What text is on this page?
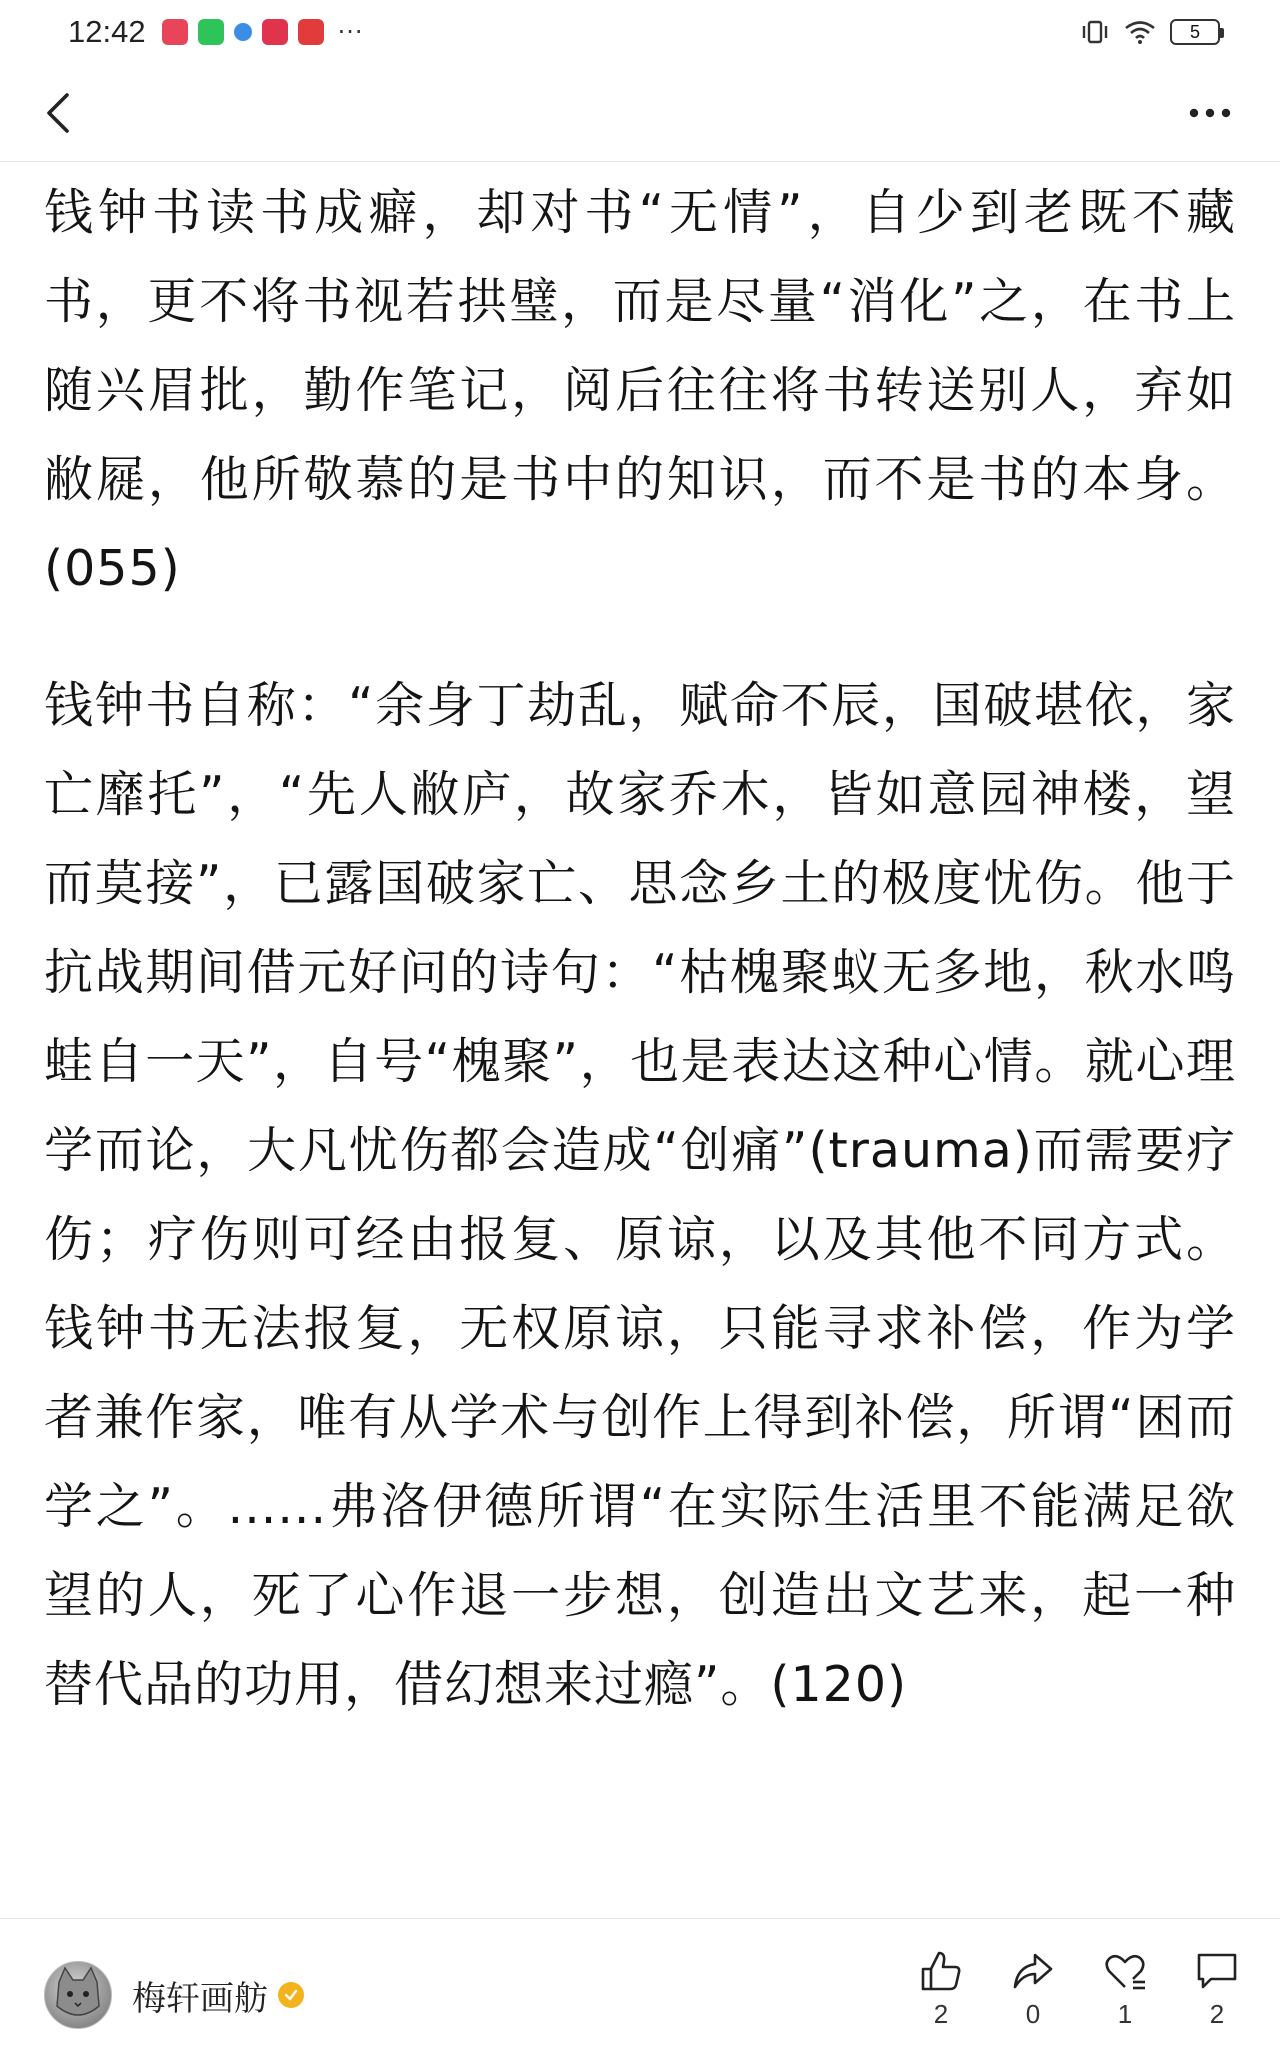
12:42	···	5

钱钟书读书成癖，却对书“无情”，自少到老既不藏书，更不将书视若拱璧，而是尽量“消化”之，在书上随兴眉批，勤作笔记，阅后往往将书转送别人，弃如敝屣，他所敬慕的是书中的知识，而不是书的本身。(055)

钱钟书自称：“余身丁劫乱，赋命不辰，国破堪依，家亡靡托”，“先人敝庐，故家乔木，皆如意园神楼，望而莫接”，已露国破家亡、思念乡土的极度忧伤。他于抗战期间借元好问的诗句：“枯槐聚蚁无多地，秋水鸣蛙自一天”，自号“槐聚”，也是表达这种心情。就心理学而论，大凡忧伤都会造成“创痛”(trauma)而需要疗伤；疗伤则可经由报复、原谅，以及其他不同方式。钱钟书无法报复，无权原谅，只能寻求补偿，作为学者兼作家，唯有从学术与创作上得到补偿，所谓“困而学之”。......弗洛伊德所谓“在实际生活里不能满足欲望的人，死了心作退一步想，创造出文艺来，起一种替代品的功用，借幻想来过瘾”。(120)

梅轩画舫	2	0	1	2
